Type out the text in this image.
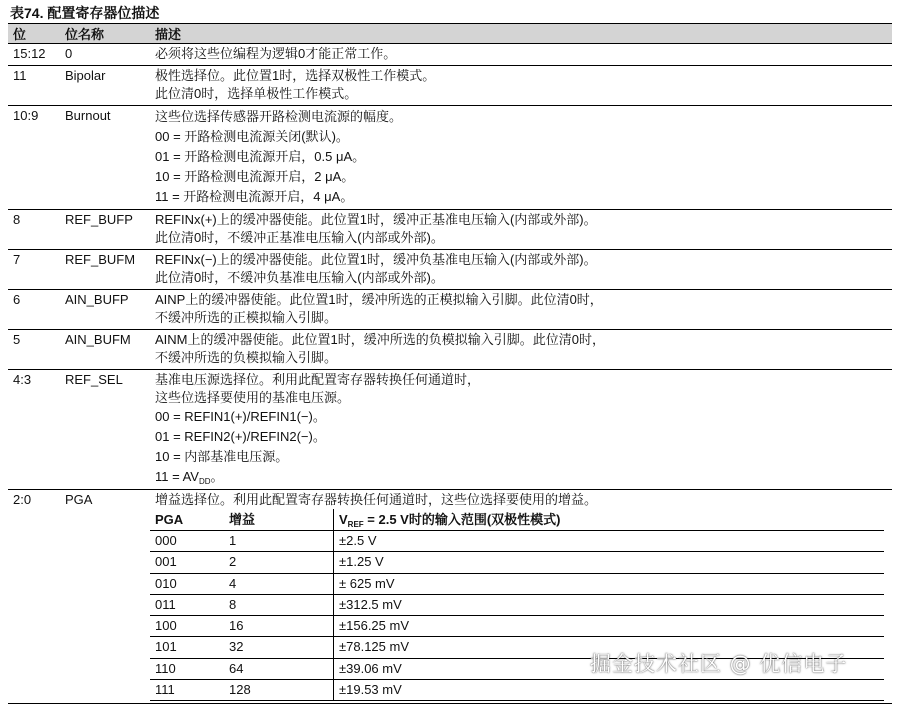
表74. 配置寄存器位描述
位	位名称	描述
15:12	0	必须将这些位编程为逻辑0才能正常工作。

11	Bipolar	极性选择位。此位置1时，选择双极性工作模式。
此位清0时，选择单极性工作模式。

10:9	Burnout	这些位选择传感器开路检测电流源的幅度。
00 = 开路检测电流源关闭(默认)。
01 = 开路检测电流源开启，0.5 μA。
10 = 开路检测电流源开启，2 μA。
11 = 开路检测电流源开启，4 μA。

8	REF_BUFP	REFINx(+)上的缓冲器使能。此位置1时，缓冲正基准电压输入(内部或外部)。
此位清0时，不缓冲正基准电压输入(内部或外部)。

7	REF_BUFM	REFINx(−)上的缓冲器使能。此位置1时，缓冲负基准电压输入(内部或外部)。
此位清0时，不缓冲负基准电压输入(内部或外部)。

6	AIN_BUFP	AINP上的缓冲器使能。此位置1时，缓冲所选的正模拟输入引脚。此位清0时，
不缓冲所选的正模拟输入引脚。

5	AIN_BUFM	AINM上的缓冲器使能。此位置1时，缓冲所选的负模拟输入引脚。此位清0时，
不缓冲所选的负模拟输入引脚。

4:3	REF_SEL	基准电压源选择位。利用此配置寄存器转换任何通道时，
这些位选择要使用的基准电压源。
00 = REFIN1(+)/REFIN1(−)。
01 = REFIN2(+)/REFIN2(−)。
10 = 内部基准电压源。
$11 = AV_{DD}$。

2:0	PGA	增益选择位。利用此配置寄存器转换任何通道时，这些位选择要使用的增益。
PGA	增益	$V_{REF} = 2.5$ V时的输入范围(双极性模式)
000	1	±2.5 V
001	2	±1.25 V
010	4	± 625 mV
011	8	±312.5 mV
100	16	±156.25 mV
101	32	±78.125 mV
110	64	±39.06 mV
111	128	±19.53 mV
掘金技术社区 @ 优信电子
